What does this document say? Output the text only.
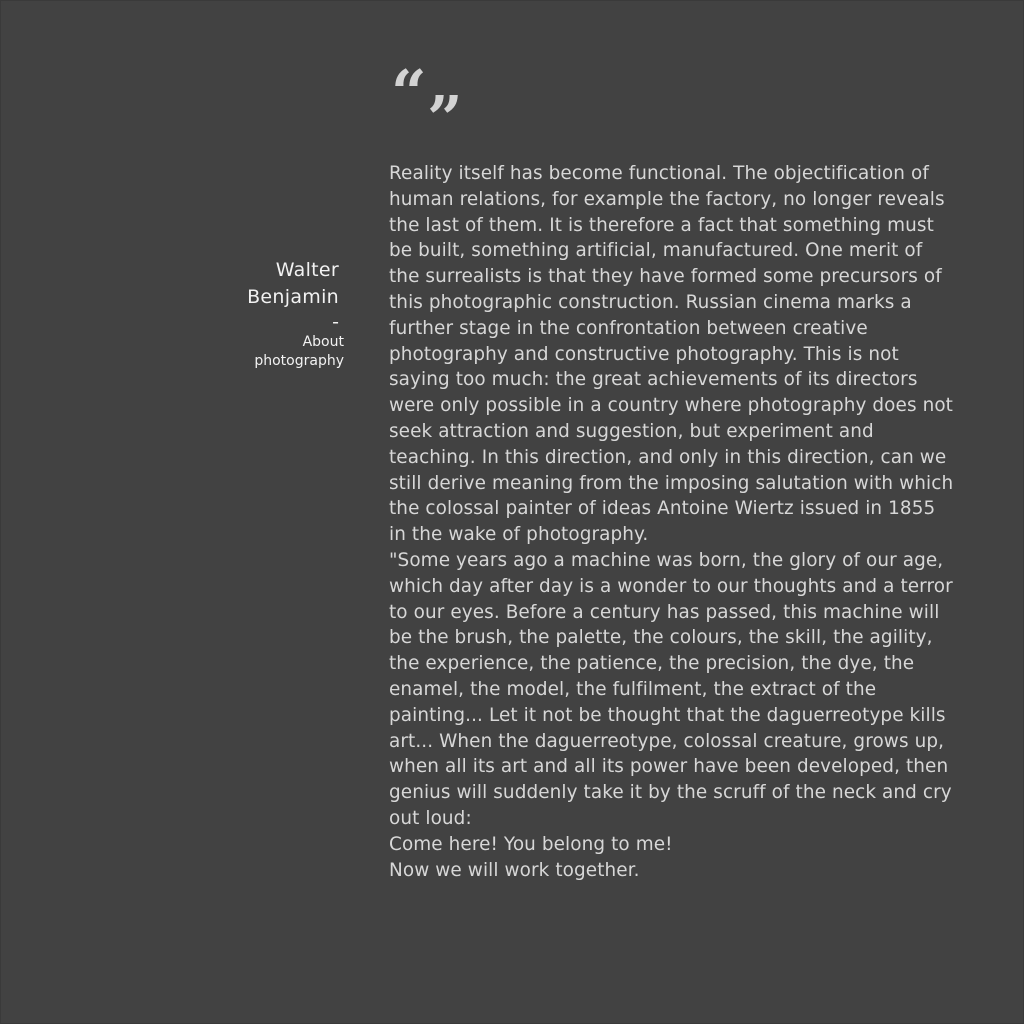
“ ”
Walter
Benjamin
-
About
photography

Reality itself has become functional. The objectification of human relations, for example the factory, no longer reveals the last of them. It is therefore a fact that something must be built, something artificial, manufactured. One merit of the surrealists is that they have formed some precursors of this photographic construction. Russian cinema marks a further stage in the confrontation between creative photography and constructive photography. This is not saying too much: the great achievements of its directors were only possible in a country where photography does not seek attraction and suggestion, but experiment and teaching. In this direction, and only in this direction, can we still derive meaning from the imposing salutation with which the colossal painter of ideas Antoine Wiertz issued in 1855 in the wake of photography.

"Some years ago a machine was born, the glory of our age, which day after day is a wonder to our thoughts and a terror to our eyes. Before a century has passed, this machine will be the brush, the palette, the colours, the skill, the agility, the experience, the patience, the precision, the dye, the enamel, the model, the fulfilment, the extract of the painting... Let it not be thought that the daguerreotype kills art... When the daguerreotype, colossal creature, grows up, when all its art and all its power have been developed, then genius will suddenly take it by the scruff of the neck and cry out loud:

Come here! You belong to me!

Now we will work together.
